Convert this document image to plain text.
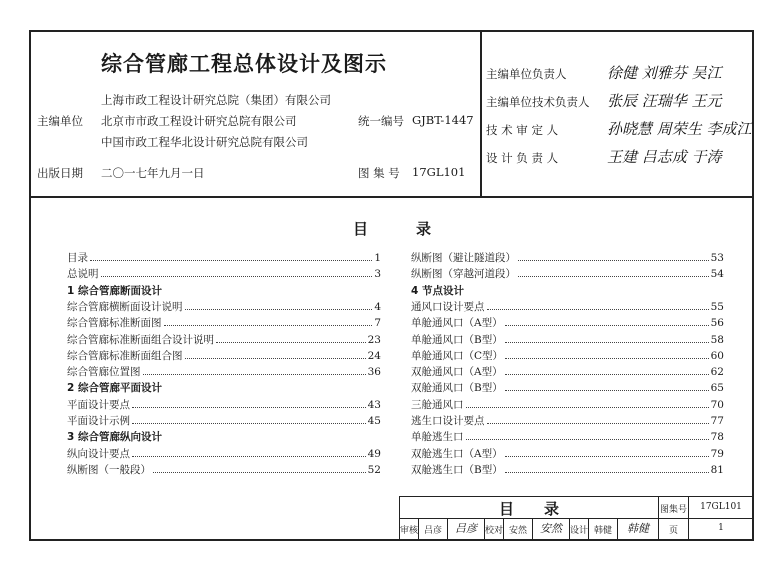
综合管廊工程总体设计及图示
主编单位
上海市政工程设计研究总院（集团）有限公司
北京市市政工程设计研究总院有限公司
中国市政工程华北设计研究总院有限公司
统一编号 GJBT-1447
出版日期 二〇一七年九月一日	图 集 号 17GL101
主编单位负责人	徐健 刘雅芬 吴江
主编单位技术负责人 张辰 汪瑞华 王元
技 术 审 定 人	孙晓慧 周荣生 李成江
设 计 负 责 人	王建 吕志成 于涛
目	录
目录	1
总说明	3
1 综合管廊断面设计
综合管廊横断面设计说明	4
综合管廊标准断面图	7
综合管廊标准断面组合设计说明	23
综合管廊标准断面组合图	24
综合管廊位置图	36
2 综合管廊平面设计
平面设计要点	43
平面设计示例	45
3 综合管廊纵向设计
纵向设计要点	49
纵断图（一般段）	52
纵断图（避让隧道段）	53
纵断图（穿越河道段）	54
4 节点设计
通风口设计要点	55
单舱通风口（A型）	56
单舱通风口（B型）	58
单舱通风口（C型）	60
双舱通风口（A型）	62
双舱通风口（B型）	65
三舱通风口	70
逃生口设计要点	77
单舱逃生口	78
双舱逃生口（A型）	79
双舱逃生口（B型）	81
目　　录	图集号	17GL101
审核 吕彦	吕彦 校对 安然	安然 设计 韩健	韩健	页	1
